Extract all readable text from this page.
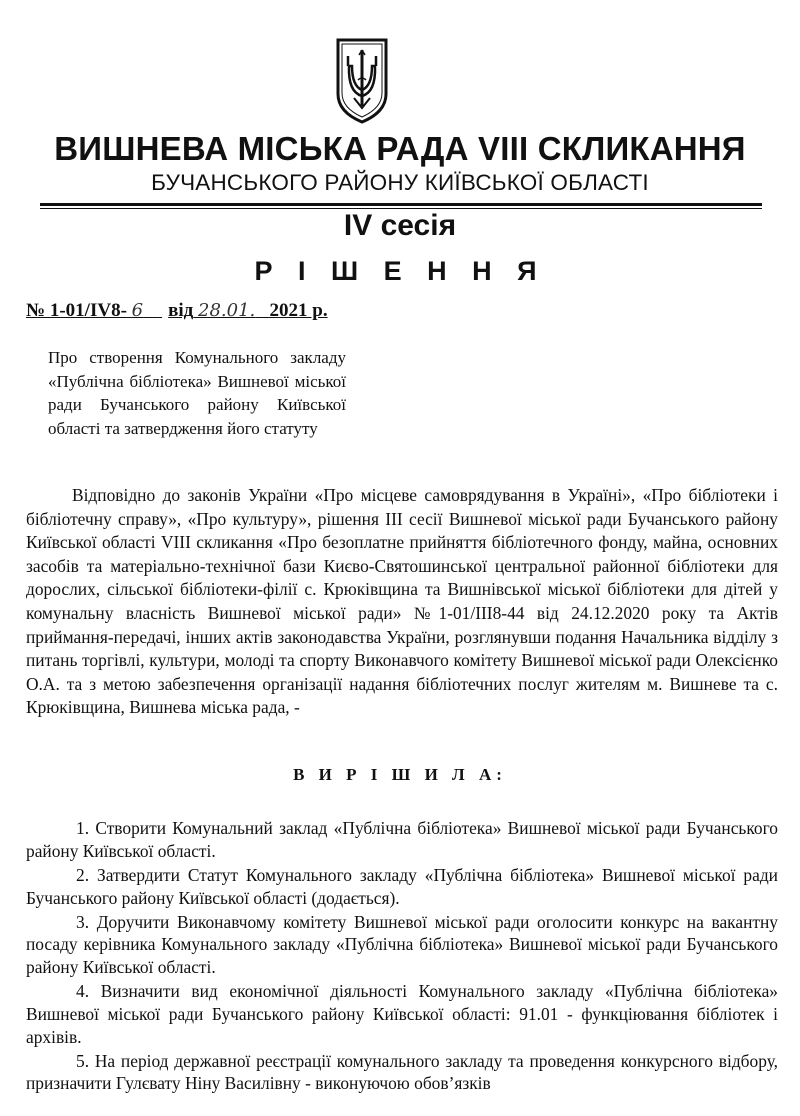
ВИШНЕВА МІСЬКА РАДА VIII СКЛИКАННЯ
БУЧАНСЬКОГО РАЙОНУ КИЇВСЬКОЇ ОБЛАСТІ
IV сесія
Р І Ш Е Н Н Я
№ 1-01/IV8- 6 від 28.01. 2021 р.
Про створення Комунального закладу «Публічна бібліотека» Вишневої міської ради Бучанського району Київської області та затвердження його статуту
Відповідно до законів України «Про місцеве самоврядування в Україні», «Про бібліотеки і бібліотечну справу», «Про культуру», рішення ІІІ сесії Вишневої міської ради Бучанського району Київської області VІІІ скликання «Про безоплатне прийняття бібліотечного фонду, майна, основних засобів та матеріально-технічної бази Києво-Святошинської центральної районної бібліотеки для дорослих, сільської бібліотеки-філії с. Крюківщина та Вишнівської міської бібліотеки для дітей у комунальну власність Вишневої міської ради» №1-01/ІІІ8-44 від 24.12.2020 року та Актів приймання-передачі, інших актів законодавства України, розглянувши подання Начальника відділу з питань торгівлі, культури, молоді та спорту Виконавчого комітету Вишневої міської ради Олексієнко О.А. та з метою забезпечення організації надання бібліотечних послуг жителям м. Вишневе та с. Крюківщина, Вишнева міська рада, -
В И Р І Ш И Л А:
1. Створити Комунальний заклад «Публічна бібліотека» Вишневої міської ради Бучанського району Київської області.
2. Затвердити Статут Комунального закладу «Публічна бібліотека» Вишневої міської ради Бучанського району Київської області (додається).
3. Доручити Виконавчому комітету Вишневої міської ради оголосити конкурс на вакантну посаду керівника Комунального закладу «Публічна бібліотека» Вишневої міської ради Бучанського району Київської області.
4. Визначити вид економічної діяльності Комунального закладу «Публічна бібліотека» Вишневої міської ради Бучанського району Київської області: 91.01 - функціювання бібліотек і архівів.
5. На період державної реєстрації комунального закладу та проведення конкурсного відбору, призначити Гулєвату Ніну Василівну - виконуючою обов’язків
